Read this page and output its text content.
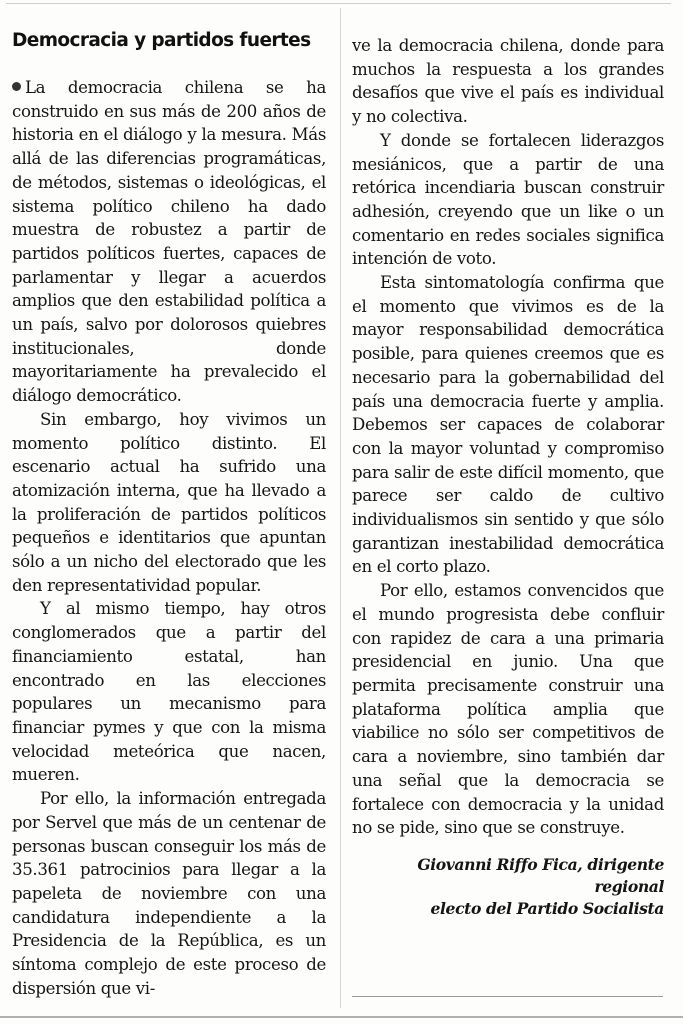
Democracia y partidos fuertes

La democracia chilena se ha construido en sus más de 200 años de historia en el diálogo y la mesura. Más allá de las diferencias programáticas, de métodos, sistemas o ideológicas, el sistema político chileno ha dado muestra de robustez a partir de partidos políticos fuertes, capaces de parlamentar y llegar a acuerdos amplios que den estabilidad política a un país, salvo por dolorosos quiebres institucionales, donde mayoritariamente ha prevalecido el diálogo democrático.

Sin embargo, hoy vivimos un momento político distinto. El escenario actual ha sufrido una atomización interna, que ha llevado a la proliferación de partidos políticos pequeños e identitarios que apuntan sólo a un nicho del electorado que les den representatividad popular.

Y al mismo tiempo, hay otros conglomerados que a partir del financiamiento estatal, han encontrado en las elecciones populares un mecanismo para financiar pymes y que con la misma velocidad meteórica que nacen, mueren.

Por ello, la información entregada por Servel que más de un centenar de personas buscan conseguir los más de 35.361 patrocinios para llegar a la papeleta de noviembre con una candidatura independiente a la Presidencia de la República, es un síntoma complejo de este proceso de dispersión que vi-

ve la democracia chilena, donde para muchos la respuesta a los grandes desafíos que vive el país es individual y no colectiva.

Y donde se fortalecen liderazgos mesiánicos, que a partir de una retórica incendiaria buscan construir adhesión, creyendo que un like o un comentario en redes sociales significa intención de voto.

Esta sintomatología confirma que el momento que vivimos es de la mayor responsabilidad democrática posible, para quienes creemos que es necesario para la gobernabilidad del país una democracia fuerte y amplia. Debemos ser capaces de colaborar con la mayor voluntad y compromiso para salir de este difícil momento, que parece ser caldo de cultivo individualismos sin sentido y que sólo garantizan inestabilidad democrática en el corto plazo.

Por ello, estamos convencidos que el mundo progresista debe confluir con rapidez de cara a una primaria presidencial en junio. Una que permita precisamente construir una plataforma política amplia que viabilice no sólo ser competitivos de cara a noviembre, sino también dar una señal que la democracia se fortalece con democracia y la unidad no se pide, sino que se construye.

Giovanni Riffo Fica, dirigente regional
electo del Partido Socialista
